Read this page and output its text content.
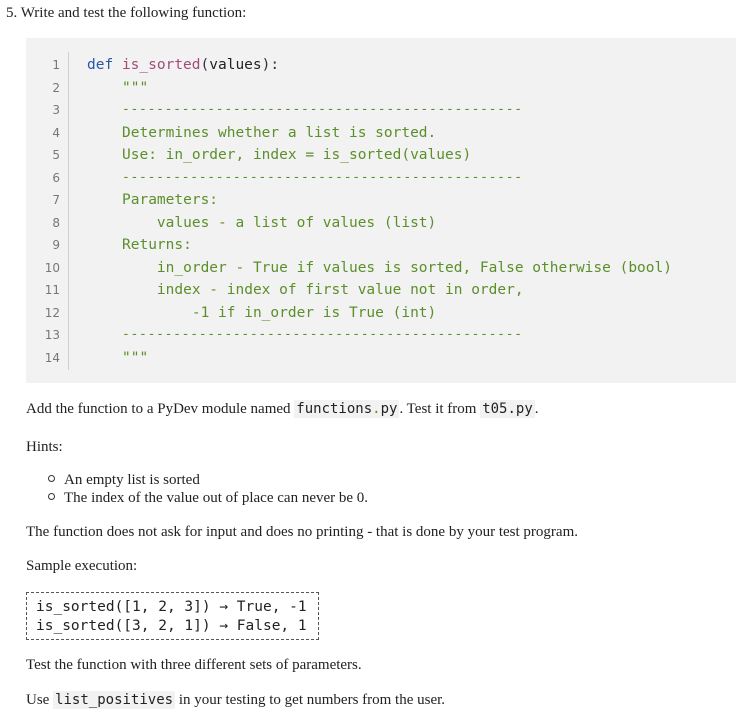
5. Write and test the following function:
1
2
3
4
5
6
7
8
9
10
11
12
13
14
def is_sorted(values):
"""
-----------------------------------------------
Determines whether a list is sorted.
Use: in_order, index = is_sorted(values)
-----------------------------------------------
Parameters:
values - a list of values (list)
Returns:
in_order - True if values is sorted, False otherwise (bool)
index - index of first value not in order,
-1 if in_order is True (int)
-----------------------------------------------
"""
Add the function to a PyDev module named functions.py . Test it from t05.py .
Hints:
An empty list is sorted
The index of the value out of place can never be 0.
The function does not ask for input and does no printing - that is done by your test program.
Sample execution:
is_sorted([1, 2, 3]) → True, -1
is_sorted([3, 2, 1]) → False, 1
Test the function with three different sets of parameters.
Use list_positives in your testing to get numbers from the user.
